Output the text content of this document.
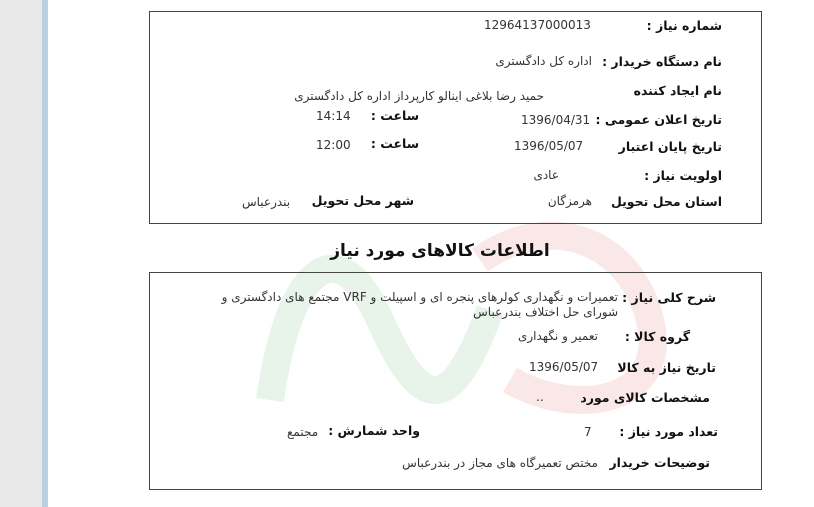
شماره نیاز :
12964137000013
نام دستگاه خریدار :
اداره کل دادگستری
نام ایجاد کننده
حمید رضا بلاغی اینالو کارپرداز اداره کل دادگستری
تاریخ اعلان عمومی :
1396/04/31
ساعت :
14:14
تاریخ پایان اعتبار
1396/05/07
ساعت :
12:00
اولویت نیاز :
عادی
استان محل تحویل
هرمزگان
شهر محل تحویل
بندرعباس
اطلاعات کالاهای مورد نیاز
شرح کلی نیاز :
تعمیرات و نگهداری کولرهای پنجره ای و اسپیلت و VRF مجتمع های دادگستری و شورای حل اختلاف بندرعباس
گروه کالا :
تعمیر و نگهداری
تاریخ نیاز به کالا
1396/05/07
مشخصات کالای مورد
..
تعداد مورد نیاز :
7
واحد شمارش :
مجتمع
توضیحات خریدار
مختص تعمیرگاه های مجاز در بندرعباس
